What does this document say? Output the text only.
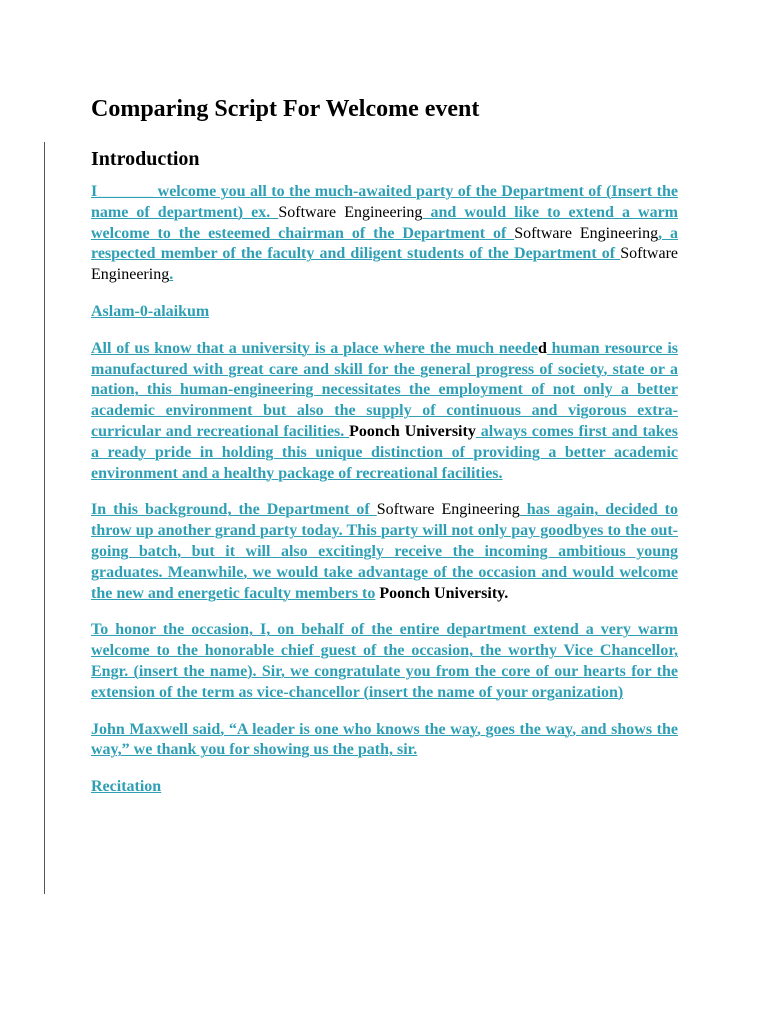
Comparing Script For Welcome event
Introduction

I_______ welcome you all to the much-awaited party of the Department of (Insert the name of department) ex. Software Engineering and would like to extend a warm welcome to the esteemed chairman of the Department of Software Engineering, a respected member of the faculty and diligent students of the Department of Software Engineering.

Aslam-0-alaikum

All of us know that a university is a place where the much needed human resource is manufactured with great care and skill for the general progress of society, state or a nation, this human-engineering necessitates the employment of not only a better academic environment but also the supply of continuous and vigorous extra-curricular and recreational facilities. Poonch University always comes first and takes a ready pride in holding this unique distinction of providing a better academic environment and a healthy package of recreational facilities.

In this background, the Department of Software Engineering has again, decided to throw up another grand party today. This party will not only pay goodbyes to the out-going batch, but it will also excitingly receive the incoming ambitious young graduates. Meanwhile, we would take advantage of the occasion and would welcome the new and energetic faculty members to Poonch University.

To honor the occasion, I, on behalf of the entire department extend a very warm welcome to the honorable chief guest of the occasion, the worthy Vice Chancellor, Engr. (insert the name). Sir, we congratulate you from the core of our hearts for the extension of the term as vice-chancellor (insert the name of your organization)

John Maxwell said, “A leader is one who knows the way, goes the way, and shows the way,” we thank you for showing us the path, sir.

Recitation
